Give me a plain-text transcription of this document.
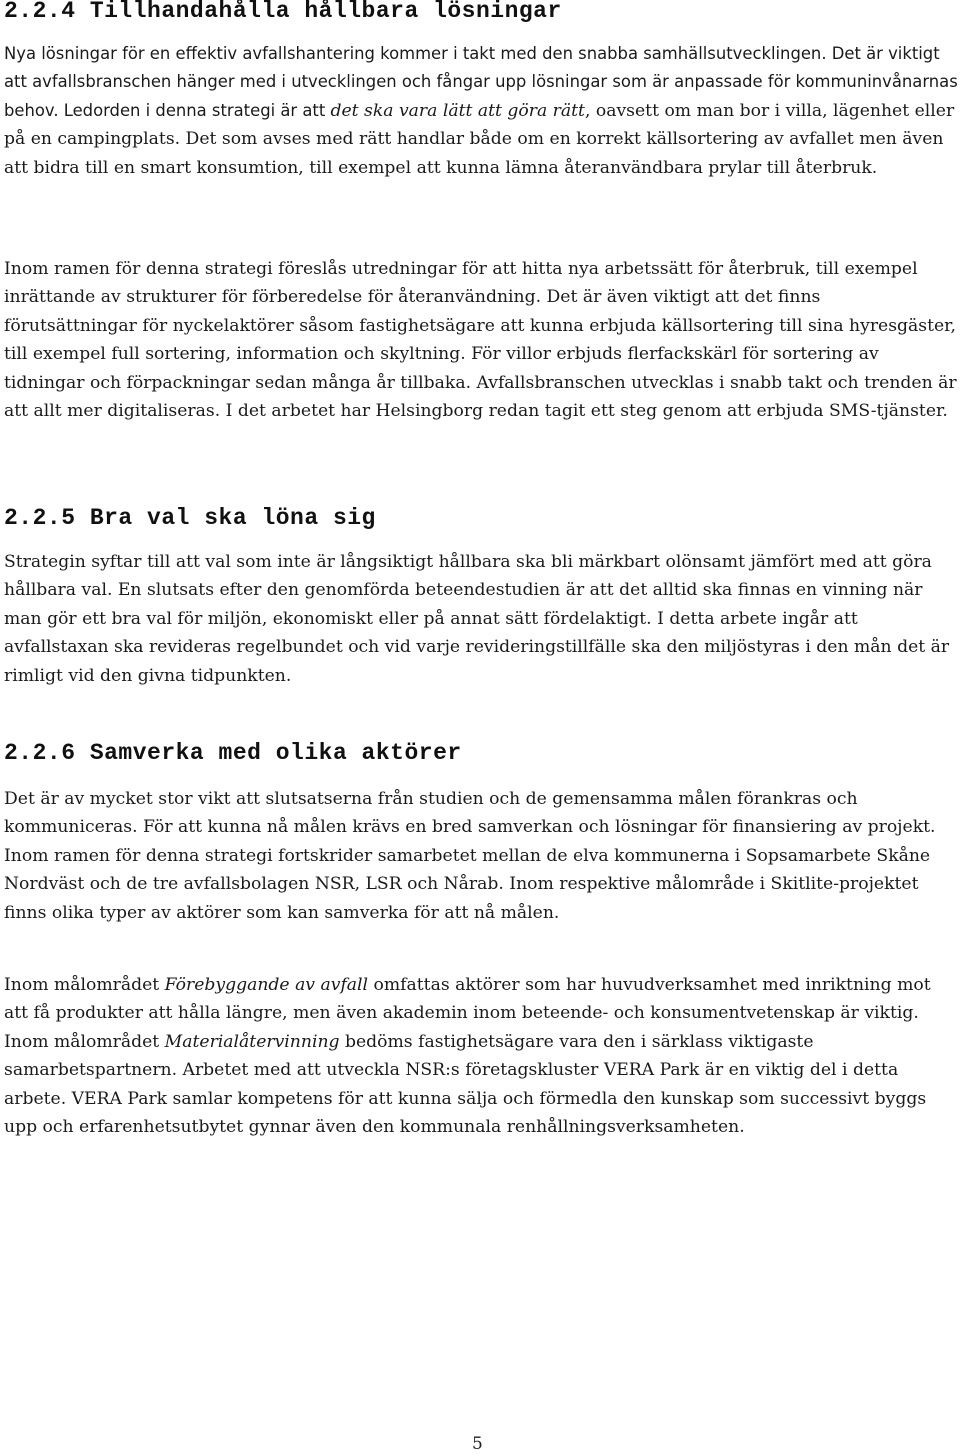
2.2.4 Tillhandahålla hållbara lösningar

Nya lösningar för en effektiv avfallshantering kommer i takt med den snabba samhällsutvecklingen. Det är viktigt att avfallsbranschen hänger med i utvecklingen och fångar upp lösningar som är anpassade för kommuninvånarnas behov. Ledorden i denna strategi är att det ska vara lätt att göra rätt, oavsett om man bor i villa, lägenhet eller på en campingplats. Det som avses med rätt handlar både om en korrekt källsortering av avfallet men även att bidra till en smart konsumtion, till exempel att kunna lämna återanvändbara prylar till återbruk.

Inom ramen för denna strategi föreslås utredningar för att hitta nya arbetssätt för återbruk, till exempel inrättande av strukturer för förberedelse för återanvändning. Det är även viktigt att det finns förutsättningar för nyckelaktörer såsom fastighetsägare att kunna erbjuda källsortering till sina hyresgäster, till exempel full sortering, information och skyltning. För villor erbjuds flerfackskärl för sortering av tidningar och förpackningar sedan många år tillbaka. Avfallsbranschen utvecklas i snabb takt och trenden är att allt mer digitaliseras. I det arbetet har Helsingborg redan tagit ett steg genom att erbjuda SMS-tjänster.

2.2.5 Bra val ska löna sig

Strategin syftar till att val som inte är långsiktigt hållbara ska bli märkbart olönsamt jämfört med att göra hållbara val. En slutsats efter den genomförda beteendestudien är att det alltid ska finnas en vinning när man gör ett bra val för miljön, ekonomiskt eller på annat sätt fördelaktigt. I detta arbete ingår att avfallstaxan ska revideras regelbundet och vid varje revideringstillfälle ska den miljöstyras i den mån det är rimligt vid den givna tidpunkten.

2.2.6 Samverka med olika aktörer

Det är av mycket stor vikt att slutsatserna från studien och de gemensamma målen förankras och kommuniceras. För att kunna nå målen krävs en bred samverkan och lösningar för finansiering av projekt. Inom ramen för denna strategi fortskrider samarbetet mellan de elva kommunerna i Sopsamarbete Skåne Nordväst och de tre avfallsbolagen NSR, LSR och Nårab. Inom respektive målområde i Skitlite-projektet finns olika typer av aktörer som kan samverka för att nå målen.

Inom målområdet Förebyggande av avfall omfattas aktörer som har huvudverksamhet med inriktning mot att få produkter att hålla längre, men även akademin inom beteende- och konsumentvetenskap är viktig. Inom målområdet Materialåtervinning bedöms fastighetsägare vara den i särklass viktigaste samarbetspartnern. Arbetet med att utveckla NSR:s företagskluster VERA Park är en viktig del i detta arbete. VERA Park samlar kompetens för att kunna sälja och förmedla den kunskap som successivt byggs upp och erfarenhetsutbytet gynnar även den kommunala renhållningsverksamheten.

5
